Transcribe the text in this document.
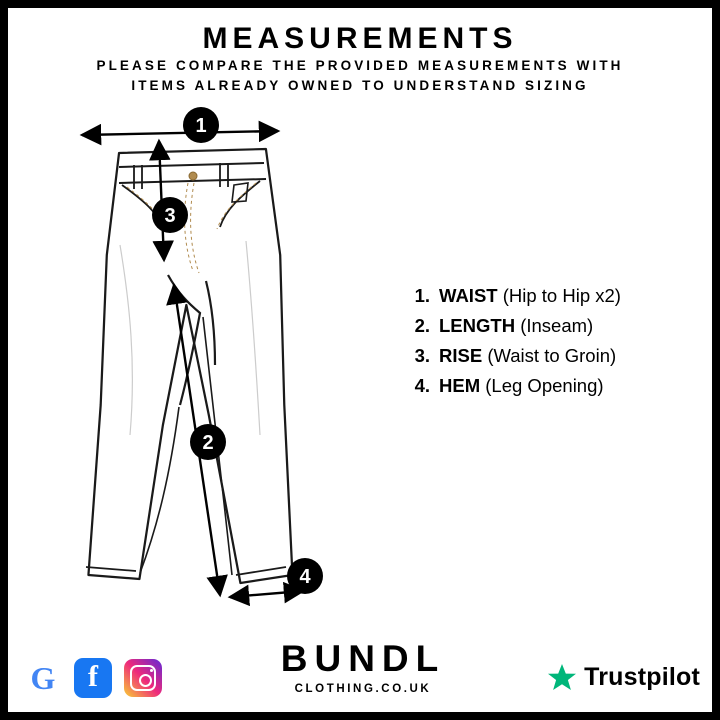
MEASUREMENTS
PLEASE COMPARE THE PROVIDED MEASUREMENTS WITH
ITEMS ALREADY OWNED TO UNDERSTAND SIZING
1
3
2
4
1. WAIST (Hip to Hip x2)
2. LENGTH (Inseam)
3. RISE (Waist to Groin)
4. HEM (Leg Opening)
G f	BUNDL
CLOTHING.CO.UK	Trustpilot
